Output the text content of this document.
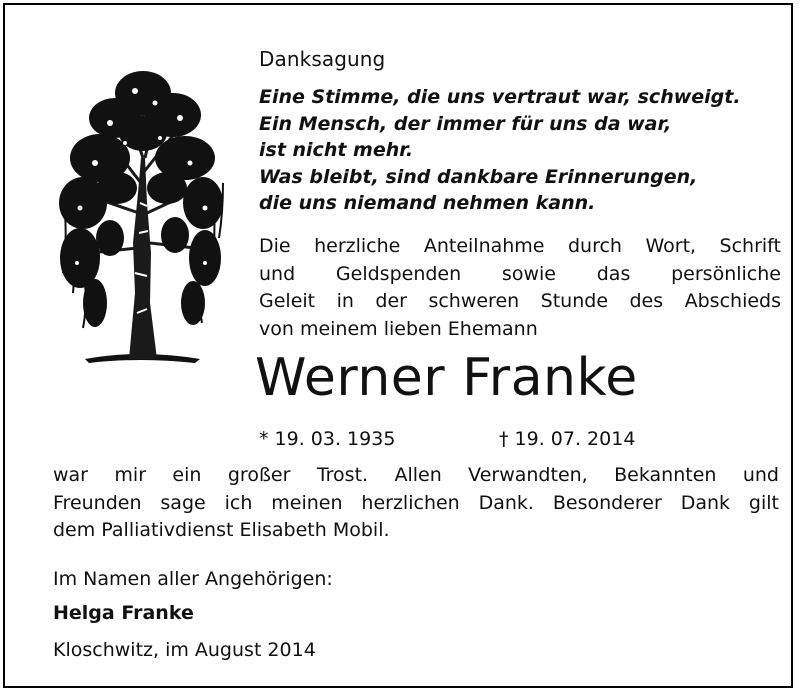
Danksagung
Eine Stimme, die uns vertraut war, schweigt.
Ein Mensch, der immer für uns da war,
ist nicht mehr.
Was bleibt, sind dankbare Erinnerungen,
die uns niemand nehmen kann.
Die herzliche Anteilnahme durch Wort, Schrift
und Geldspenden sowie das persönliche
Geleit in der schweren Stunde des Abschieds
von meinem lieben Ehemann
Werner Franke
* 19. 03. 1935	† 19. 07. 2014
war mir ein großer Trost. Allen Verwandten, Bekannten und
Freunden sage ich meinen herzlichen Dank. Besonderer Dank gilt
dem Palliativdienst Elisabeth Mobil.
Im Namen aller Angehörigen:
Helga Franke
Kloschwitz, im August 2014
